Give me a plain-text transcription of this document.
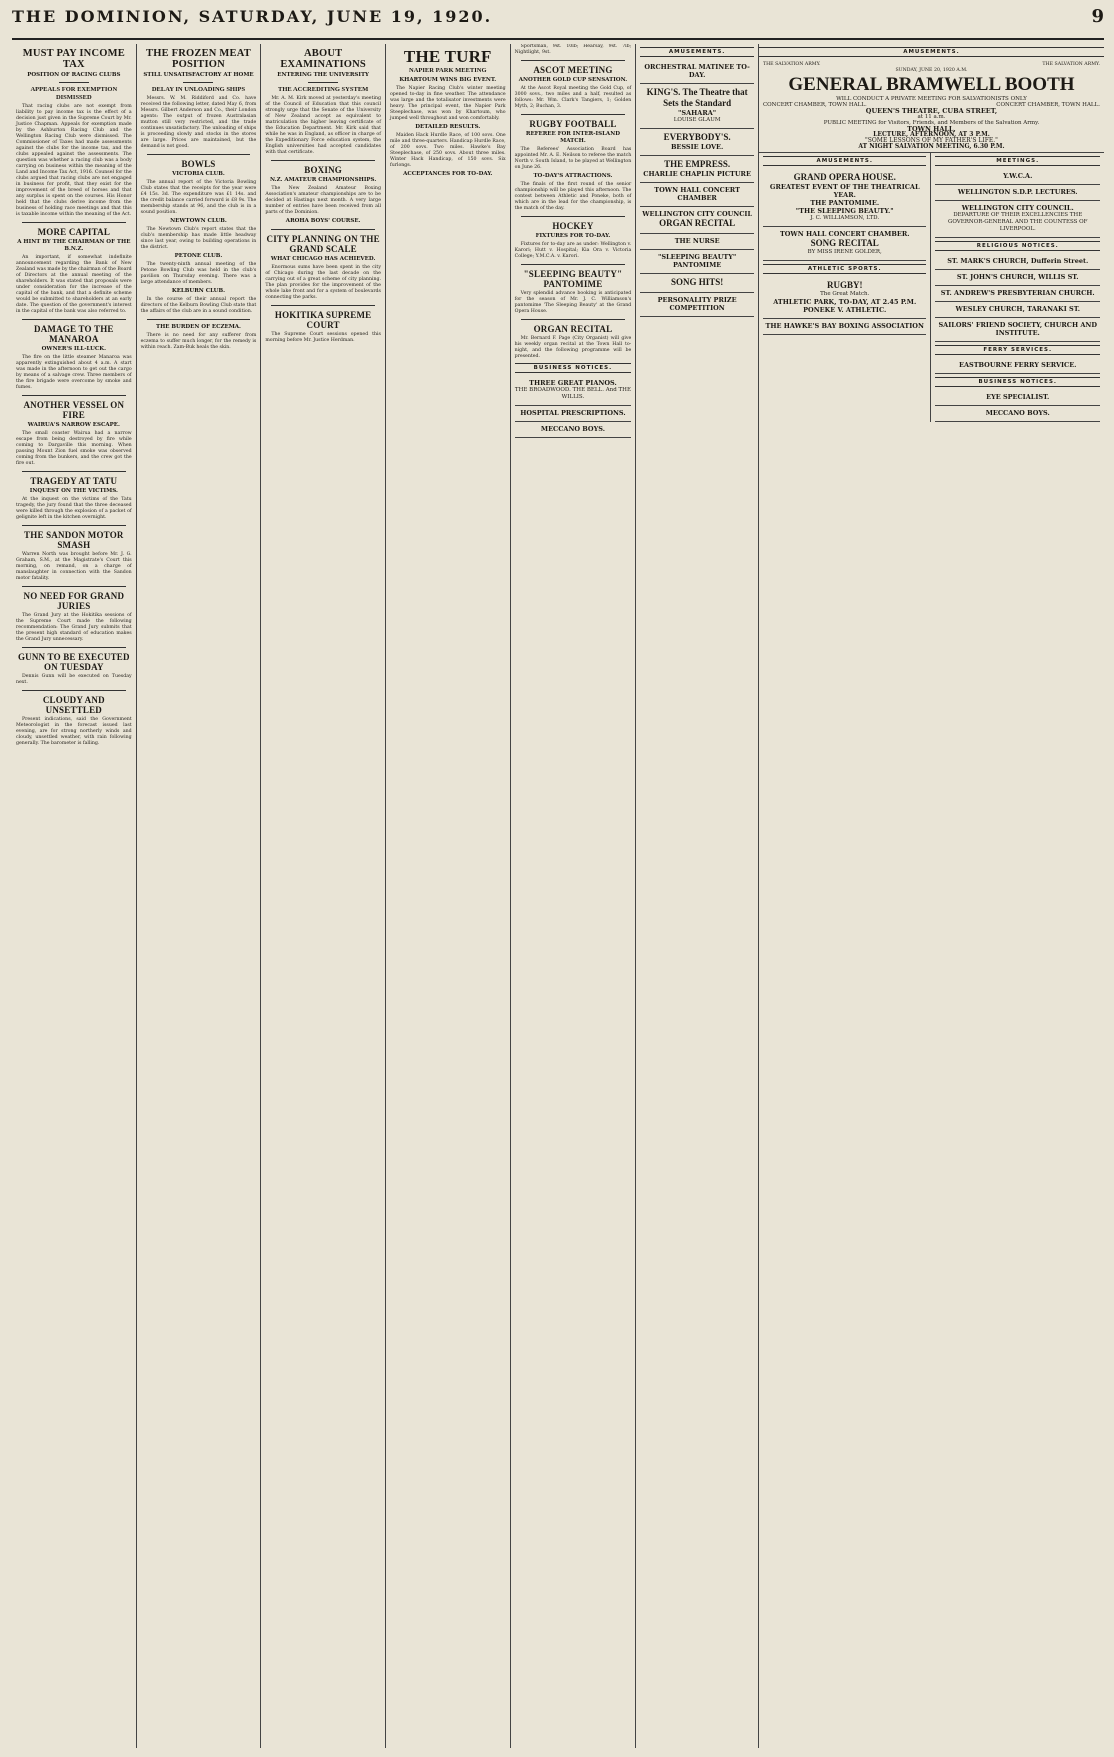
THE DOMINION, SATURDAY, JUNE 19, 1920.	9
MUST PAY INCOME TAX
POSITION OF RACING CLUBS
APPEALS FOR EXEMPTION DISMISSED

That racing clubs are not exempt from liability to pay income tax is the effect of a decision just given in the Supreme Court by Mr. Justice Chapman. Appeals for exemption made by the Ashburton Racing Club and the Wellington Racing Club were dismissed. The Commissioner of Taxes had made assessments against the clubs for the income tax, and the clubs appealed against the assessments. The question was whether a racing club was a body carrying on business within the meaning of the Land and Income Tax Act, 1916. Counsel for the clubs argued that racing clubs are not engaged in business for profit, that they exist for the improvement of the breed of horses and that any surplus is spent on the courses. His Honor held that the clubs derive income from the business of holding race meetings and that this is taxable income within the meaning of the Act.

MORE CAPITAL
A HINT BY THE CHAIRMAN OF THE B.N.Z.

An important, if somewhat indefinite announcement regarding the Bank of New Zealand was made by the chairman of the Board of Directors at the annual meeting of the shareholders. It was stated that proposals were under consideration for the increase of the capital of the bank, and that a definite scheme would be submitted to shareholders at an early date. The question of the government's interest in the capital of the bank was also referred to.

DAMAGE TO THE MANAROA
OWNER'S ILL-LUCK.

The fire on the little steamer Manaroa was apparently extinguished about 4 a.m. A start was made in the afternoon to get out the cargo by means of a salvage crew. Three members of the fire brigade were overcome by smoke and fumes.

ANOTHER VESSEL ON FIRE
WAIRUA'S NARROW ESCAPE.

The small coaster Wairua had a narrow escape from being destroyed by fire while coming to Dargaville this morning. When passing Mount Zion fuel smoke was observed coming from the bunkers, and the crew got the fire out.

TRAGEDY AT TATU
INQUEST ON THE VICTIMS.

At the inquest on the victims of the Tatu tragedy, the jury found that the three deceased were killed through the explosion of a packet of gelignite left in the kitchen overnight.

THE SANDON MOTOR SMASH

Warren North was brought before Mr. J. G. Graham, S.M., at the Magistrate's Court this morning, on remand, on a charge of manslaughter in connection with the Sandon motor fatality.

NO NEED FOR GRAND JURIES

The Grand Jury at the Hokitika sessions of the Supreme Court made the following recommendation: The Grand Jury submits that the present high standard of education makes the Grand Jury unnecessary.

GUNN TO BE EXECUTED ON TUESDAY

Dennis Gunn will be executed on Tuesday next.

CLOUDY AND UNSETTLED

Present indications, said the Government Meteorologist in the forecast issued last evening, are for strong northerly winds and cloudy, unsettled weather, with rain following generally. The barometer is falling.

THE FROZEN MEAT POSITION
STILL UNSATISFACTORY AT HOME
DELAY IN UNLOADING SHIPS

Messrs. W. M. Riddiford and Co. have received the following letter, dated May 6, from Messrs. Gilbert Anderson and Co., their London agents: The output of frozen Australasian mutton still very restricted, and the trade continues unsatisfactory. The unloading of ships is proceeding slowly and stocks in the stores are large. Prices are maintained, but the demand is not good.

BOWLS
VICTORIA CLUB.

The annual report of the Victoria Bowling Club states that the receipts for the year were £4 15s. 3d. The expenditure was £1 14s. and the credit balance carried forward is £8 9s. The membership stands at 96, and the club is in a sound position.

NEWTOWN CLUB.

The Newtown Club's report states that the club's membership has made little headway since last year, owing to building operations in the district.

PETONE CLUB.

The twenty-ninth annual meeting of the Petone Bowling Club was held in the club's pavilion on Thursday evening. There was a large attendance of members.

KELBURN CLUB.

In the course of their annual report the directors of the Kelburn Bowling Club state that the affairs of the club are in a sound condition.

THE BURDEN OF ECZEMA.

There is no need for any sufferer from eczema to suffer much longer, for the remedy is within reach. Zam-Buk heals the skin.

ABOUT EXAMINATIONS
ENTERING THE UNIVERSITY
THE ACCREDITING SYSTEM

Mr. A. M. Kirk moved at yesterday's meeting of the Council of Education that this council strongly urge that the Senate of the University of New Zealand accept as equivalent to matriculation the higher leaving certificate of the Education Department. Mr. Kirk said that while he was in England, as officer in charge of the Expeditionary Force education system, the English universities had accepted candidates with that certificate.

BOXING
N.Z. AMATEUR CHAMPIONSHIPS.

The New Zealand Amateur Boxing Association's amateur championships are to be decided at Hastings next month. A very large number of entries have been received from all parts of the Dominion.

AROHA BOYS' COURSE.
CITY PLANNING ON THE GRAND SCALE
WHAT CHICAGO HAS ACHIEVED.

Enormous sums have been spent in the city of Chicago during the last decade on the carrying out of a great scheme of city planning. The plan provides for the improvement of the whole lake front and for a system of boulevards connecting the parks.

HOKITIKA SUPREME COURT

The Supreme Court sessions opened this morning before Mr. Justice Herdman.

THE TURF
NAPIER PARK MEETING
KHARTOUM WINS BIG EVENT.

The Napier Racing Club's winter meeting opened to-day in fine weather. The attendance was large and the totalisator investments were heavy. The principal event, the Napier Park Steeplechase, was won by Khartoum, who jumped well throughout and won comfortably.

DETAILED RESULTS.

Maiden Hack Hurdle Race, of 100 sovs. One mile and three-quarters. Handicap Hurdle Race, of 200 sovs. Two miles. Hawke's Bay Steeplechase, of 250 sovs. About three miles. Winter Hack Handicap, of 150 sovs. Six furlongs.

ACCEPTANCES FOR TO-DAY.

Sportsman, 9st. 10lb; Hearsay, 9st. 7lb; Nightlight, 9st.

ASCOT MEETING
ANOTHER GOLD CUP SENSATION.

At the Ascot Royal meeting the Gold Cup, of 3000 sovs., two miles and a half, resulted as follows: Mr. Wm. Clark's Tangiers, 1; Golden Myth, 2; Buchan, 3.

RUGBY FOOTBALL
REFEREE FOR INTER-ISLAND MATCH.

The Referees' Association Board has appointed Mr. A. E. Neilson to referee the match North v. South Island, to be played at Wellington on June 26.

TO-DAY'S ATTRACTIONS.

The finals of the first round of the senior championship will be played this afternoon. The contest between Athletic and Poneke, both of which are in the lead for the championship, is the match of the day.

HOCKEY
FIXTURES FOR TO-DAY.

Fixtures for to-day are as under: Wellington v. Karori; Hutt v. Hospital; Kia Ora v. Victoria College; Y.M.C.A. v. Karori.

"SLEEPING BEAUTY" PANTOMIME

Very splendid advance booking is anticipated for the season of Mr. J. C. Williamson's pantomime 'The Sleeping Beauty' at the Grand Opera House.

ORGAN RECITAL

Mr. Bernard F. Page (City Organist) will give his weekly organ recital at the Town Hall to-night, and the following programme will be presented.

BUSINESS NOTICES.
THREE GREAT PIANOS.
THE BROADWOOD. THE BELL. And THE WILLIS.
HOSPITAL PRESCRIPTIONS.
MECCANO BOYS.
AMUSEMENTS.
ORCHESTRAL MATINEE TO-DAY.
KING'S. The Theatre that Sets the Standard
"SAHARA"
LOUISE GLAUM
EVERYBODY'S.
BESSIE LOVE.
THE EMPRESS.
CHARLIE CHAPLIN PICTURE
TOWN HALL CONCERT CHAMBER
WELLINGTON CITY COUNCIL
ORGAN RECITAL
THE NURSE
"SLEEPING BEAUTY" PANTOMIME
SONG HITS!
PERSONALITY PRIZE COMPETITION
AMUSEMENTS.
THE SALVATION ARMY.	THE SALVATION ARMY.
SUNDAY, JUNE 20, 1920 A.M.
GENERAL BRAMWELL BOOTH
WILL CONDUCT A PRIVATE MEETING FOR SALVATIONISTS ONLY
CONCERT CHAMBER, TOWN HALL.	CONCERT CHAMBER, TOWN HALL.
QUEEN'S THEATRE, CUBA STREET,
at 11 a.m.
PUBLIC MEETING for Visitors, Friends, and Members of the Salvation Army.
TOWN HALL,
LECTURE, AFTERNOON, AT 3 P.M.
"SOME LESSONS OF MY FATHER'S LIFE."
AT NIGHT SALVATION MEETING, 6.30 P.M.
AMUSEMENTS.
GRAND OPERA HOUSE.
GREATEST EVENT OF THE THEATRICAL YEAR.
THE PANTOMIME.
"THE SLEEPING BEAUTY."
J. C. WILLIAMSON, LTD.
TOWN HALL CONCERT CHAMBER.
SONG RECITAL
BY MISS IRENE GOLDER,
ATHLETIC SPORTS.
RUGBY!
The Great Match.
ATHLETIC PARK, TO-DAY, AT 2.45 P.M.
PONEKE V. ATHLETIC.
THE HAWKE'S BAY BOXING ASSOCIATION
MEETINGS.
Y.W.C.A.
WELLINGTON S.D.P. LECTURES.
WELLINGTON CITY COUNCIL.
DEPARTURE OF THEIR EXCELLENCIES THE GOVERNOR-GENERAL AND THE COUNTESS OF LIVERPOOL.
RELIGIOUS NOTICES.
ST. MARK'S CHURCH, Dufferin Street.
ST. JOHN'S CHURCH, WILLIS ST.
ST. ANDREW'S PRESBYTERIAN CHURCH.
WESLEY CHURCH, TARANAKI ST.
SAILORS' FRIEND SOCIETY, CHURCH AND INSTITUTE.
FERRY SERVICES.
EASTBOURNE FERRY SERVICE.
BUSINESS NOTICES.
EYE SPECIALIST.
MECCANO BOYS.
